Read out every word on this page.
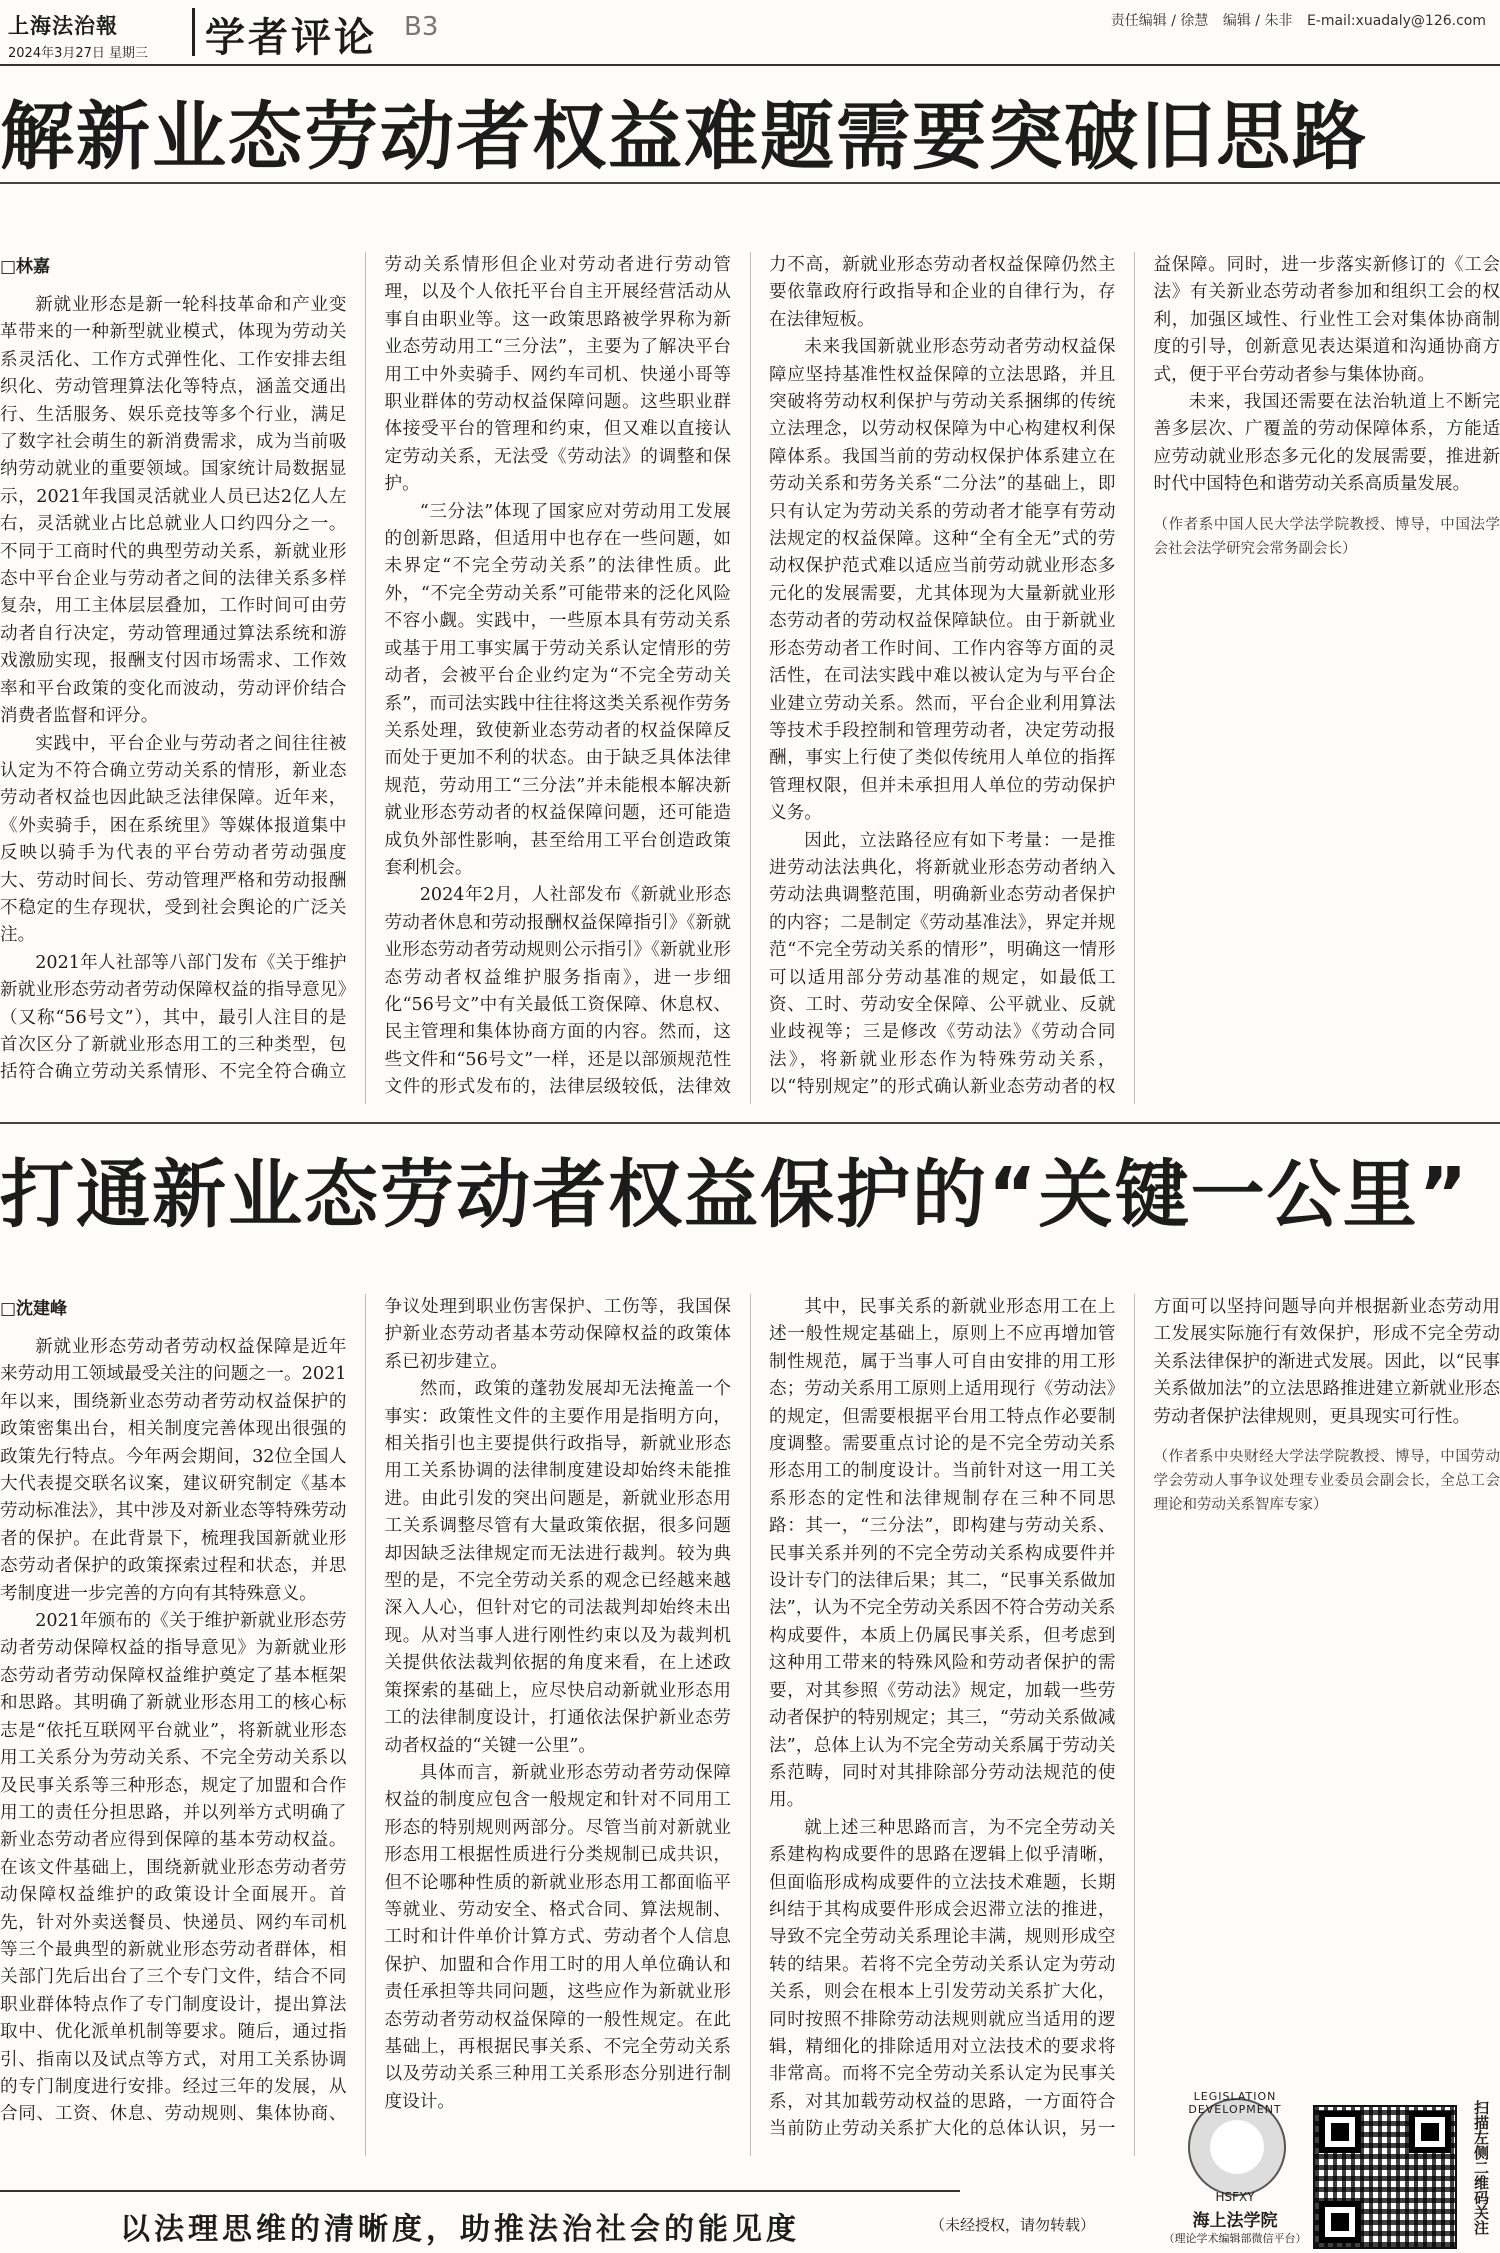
上海法治報
2024年3月27日 星期三 学者评论 B3	责任编辑 / 徐慧 编辑 / 朱非 E-mail:xuadaly@126.com
解新业态劳动者权益难题需要突破旧思路
□林嘉

新就业形态是新一轮科技革命和产业变革带来的一种新型就业模式，体现为劳动关系灵活化、工作方式弹性化、工作安排去组织化、劳动管理算法化等特点，涵盖交通出行、生活服务、娱乐竞技等多个行业，满足了数字社会萌生的新消费需求，成为当前吸纳劳动就业的重要领域。国家统计局数据显示，2021年我国灵活就业人员已达2亿人左右，灵活就业占比总就业人口约四分之一。不同于工商时代的典型劳动关系，新就业形态中平台企业与劳动者之间的法律关系多样复杂，用工主体层层叠加，工作时间可由劳动者自行决定，劳动管理通过算法系统和游戏激励实现，报酬支付因市场需求、工作效率和平台政策的变化而波动，劳动评价结合消费者监督和评分。

实践中，平台企业与劳动者之间往往被认定为不符合确立劳动关系的情形，新业态劳动者权益也因此缺乏法律保障。近年来，《外卖骑手，困在系统里》等媒体报道集中反映以骑手为代表的平台劳动者劳动强度大、劳动时间长、劳动管理严格和劳动报酬不稳定的生存现状，受到社会舆论的广泛关注。

2021年人社部等八部门发布《关于维护新就业形态劳动者劳动保障权益的指导意见》（又称“56号文”），其中，最引人注目的是首次区分了新就业形态用工的三种类型，包括符合确立劳动关系情形、不完全符合确立劳动关系情形但企业对劳动者进行劳动管理，以及个人依托平台自主开展经营活动从事自由职业等。这一政策思路被学界称为新业态劳动用工“三分法”，主要为了解决平台用工中外卖骑手、网约车司机、快递小哥等职业群体的劳动权益保障问题。这些职业群体接受平台的管理和约束，但又难以直接认定劳动关系，无法受《劳动法》的调整和保护。

“三分法”体现了国家应对劳动用工发展的创新思路，但适用中也存在一些问题，如未界定“不完全劳动关系”的法律性质。此外，“不完全劳动关系”可能带来的泛化风险不容小觑。实践中，一些原本具有劳动关系或基于用工事实属于劳动关系认定情形的劳动者，会被平台企业约定为“不完全劳动关系”，而司法实践中往往将这类关系视作劳务关系处理，致使新业态劳动者的权益保障反而处于更加不利的状态。由于缺乏具体法律规范，劳动用工“三分法”并未能根本解决新就业形态劳动者的权益保障问题，还可能造成负外部性影响，甚至给用工平台创造政策套利机会。

2024年2月，人社部发布《新就业形态劳动者休息和劳动报酬权益保障指引》《新就业形态劳动者劳动规则公示指引》《新就业形态劳动者权益维护服务指南》，进一步细化“56号文”中有关最低工资保障、休息权、民主管理和集体协商方面的内容。然而，这些文件和“56号文”一样，还是以部颁规范性文件的形式发布的，法律层级较低，法律效力不高，新就业形态劳动者权益保障仍然主要依靠政府行政指导和企业的自律行为，存在法律短板。

未来我国新就业形态劳动者劳动权益保障应坚持基准性权益保障的立法思路，并且突破将劳动权利保护与劳动关系捆绑的传统立法理念，以劳动权保障为中心构建权利保障体系。我国当前的劳动权保护体系建立在劳动关系和劳务关系“二分法”的基础上，即只有认定为劳动关系的劳动者才能享有劳动法规定的权益保障。这种“全有全无”式的劳动权保护范式难以适应当前劳动就业形态多元化的发展需要，尤其体现为大量新就业形态劳动者的劳动权益保障缺位。由于新就业形态劳动者工作时间、工作内容等方面的灵活性，在司法实践中难以被认定为与平台企业建立劳动关系。然而，平台企业利用算法等技术手段控制和管理劳动者，决定劳动报酬，事实上行使了类似传统用人单位的指挥管理权限，但并未承担用人单位的劳动保护义务。

因此，立法路径应有如下考量：一是推进劳动法法典化，将新就业形态劳动者纳入劳动法典调整范围，明确新业态劳动者保护的内容；二是制定《劳动基准法》，界定并规范“不完全劳动关系的情形”，明确这一情形可以适用部分劳动基准的规定，如最低工资、工时、劳动安全保障、公平就业、反就业歧视等；三是修改《劳动法》《劳动合同法》，将新就业形态作为特殊劳动关系，以“特别规定”的形式确认新业态劳动者的权益保障。同时，进一步落实新修订的《工会法》有关新业态劳动者参加和组织工会的权利，加强区域性、行业性工会对集体协商制度的引导，创新意见表达渠道和沟通协商方式，便于平台劳动者参与集体协商。

未来，我国还需要在法治轨道上不断完善多层次、广覆盖的劳动保障体系，方能适应劳动就业形态多元化的发展需要，推进新时代中国特色和谐劳动关系高质量发展。

（作者系中国人民大学法学院教授、博导，中国法学会社会法学研究会常务副会长）

打通新业态劳动者权益保护的“关键一公里”
□沈建峰

新就业形态劳动者劳动权益保障是近年来劳动用工领域最受关注的问题之一。2021年以来，围绕新业态劳动者劳动权益保护的政策密集出台，相关制度完善体现出很强的政策先行特点。今年两会期间，32位全国人大代表提交联名议案，建议研究制定《基本劳动标准法》，其中涉及对新业态等特殊劳动者的保护。在此背景下，梳理我国新就业形态劳动者保护的政策探索过程和状态，并思考制度进一步完善的方向有其特殊意义。

2021年颁布的《关于维护新就业形态劳动者劳动保障权益的指导意见》为新就业形态劳动者劳动保障权益维护奠定了基本框架和思路。其明确了新就业形态用工的核心标志是“依托互联网平台就业”，将新就业形态用工关系分为劳动关系、不完全劳动关系以及民事关系等三种形态，规定了加盟和合作用工的责任分担思路，并以列举方式明确了新业态劳动者应得到保障的基本劳动权益。在该文件基础上，围绕新就业形态劳动者劳动保障权益维护的政策设计全面展开。首先，针对外卖送餐员、快递员、网约车司机等三个最典型的新就业形态劳动者群体，相关部门先后出台了三个专门文件，结合不同职业群体特点作了专门制度设计，提出算法取中、优化派单机制等要求。随后，通过指引、指南以及试点等方式，对用工关系协调的专门制度进行安排。经过三年的发展，从合同、工资、休息、劳动规则、集体协商、争议处理到职业伤害保护、工伤等，我国保护新业态劳动者基本劳动保障权益的政策体系已初步建立。

然而，政策的蓬勃发展却无法掩盖一个事实：政策性文件的主要作用是指明方向，相关指引也主要提供行政指导，新就业形态用工关系协调的法律制度建设却始终未能推进。由此引发的突出问题是，新就业形态用工关系调整尽管有大量政策依据，很多问题却因缺乏法律规定而无法进行裁判。较为典型的是，不完全劳动关系的观念已经越来越深入人心，但针对它的司法裁判却始终未出现。从对当事人进行刚性约束以及为裁判机关提供依法裁判依据的角度来看，在上述政策探索的基础上，应尽快启动新就业形态用工的法律制度设计，打通依法保护新业态劳动者权益的“关键一公里”。

具体而言，新就业形态劳动者劳动保障权益的制度应包含一般规定和针对不同用工形态的特别规则两部分。尽管当前对新就业形态用工根据性质进行分类规制已成共识，但不论哪种性质的新就业形态用工都面临平等就业、劳动安全、格式合同、算法规制、工时和计件单价计算方式、劳动者个人信息保护、加盟和合作用工时的用人单位确认和责任承担等共同问题，这些应作为新就业形态劳动者劳动权益保障的一般性规定。在此基础上，再根据民事关系、不完全劳动关系以及劳动关系三种用工关系形态分别进行制度设计。

其中，民事关系的新就业形态用工在上述一般性规定基础上，原则上不应再增加管制性规范，属于当事人可自由安排的用工形态；劳动关系用工原则上适用现行《劳动法》的规定，但需要根据平台用工特点作必要制度调整。需要重点讨论的是不完全劳动关系形态用工的制度设计。当前针对这一用工关系形态的定性和法律规制存在三种不同思路：其一，“三分法”，即构建与劳动关系、民事关系并列的不完全劳动关系构成要件并设计专门的法律后果；其二，“民事关系做加法”，认为不完全劳动关系因不符合劳动关系构成要件，本质上仍属民事关系，但考虑到这种用工带来的特殊风险和劳动者保护的需要，对其参照《劳动法》规定，加载一些劳动者保护的特别规定；其三，“劳动关系做减法”，总体上认为不完全劳动关系属于劳动关系范畴，同时对其排除部分劳动法规范的使用。

就上述三种思路而言，为不完全劳动关系建构构成要件的思路在逻辑上似乎清晰，但面临形成构成要件的立法技术难题，长期纠结于其构成要件形成会迟滞立法的推进，导致不完全劳动关系理论丰满，规则形成空转的结果。若将不完全劳动关系认定为劳动关系，则会在根本上引发劳动关系扩大化，同时按照不排除劳动法规则就应当适用的逻辑，精细化的排除适用对立法技术的要求将非常高。而将不完全劳动关系认定为民事关系，对其加载劳动权益的思路，一方面符合当前防止劳动关系扩大化的总体认识，另一方面可以坚持问题导向并根据新业态劳动用工发展实际施行有效保护，形成不完全劳动关系法律保护的渐进式发展。因此，以“民事关系做加法”的立法思路推进建立新就业形态劳动者保护法律规则，更具现实可行性。

（作者系中央财经大学法学院教授、博导，中国劳动学会劳动人事争议处理专业委员会副会长，全总工会理论和劳动关系智库专家）

以法理思维的清晰度，助推法治社会的能见度	（未经授权，请勿转载）
LEGISLATION DEVELOPMENT
HSFXY
海上法学院
（理论学术编辑部微信平台）
扫描左侧二维码关注
